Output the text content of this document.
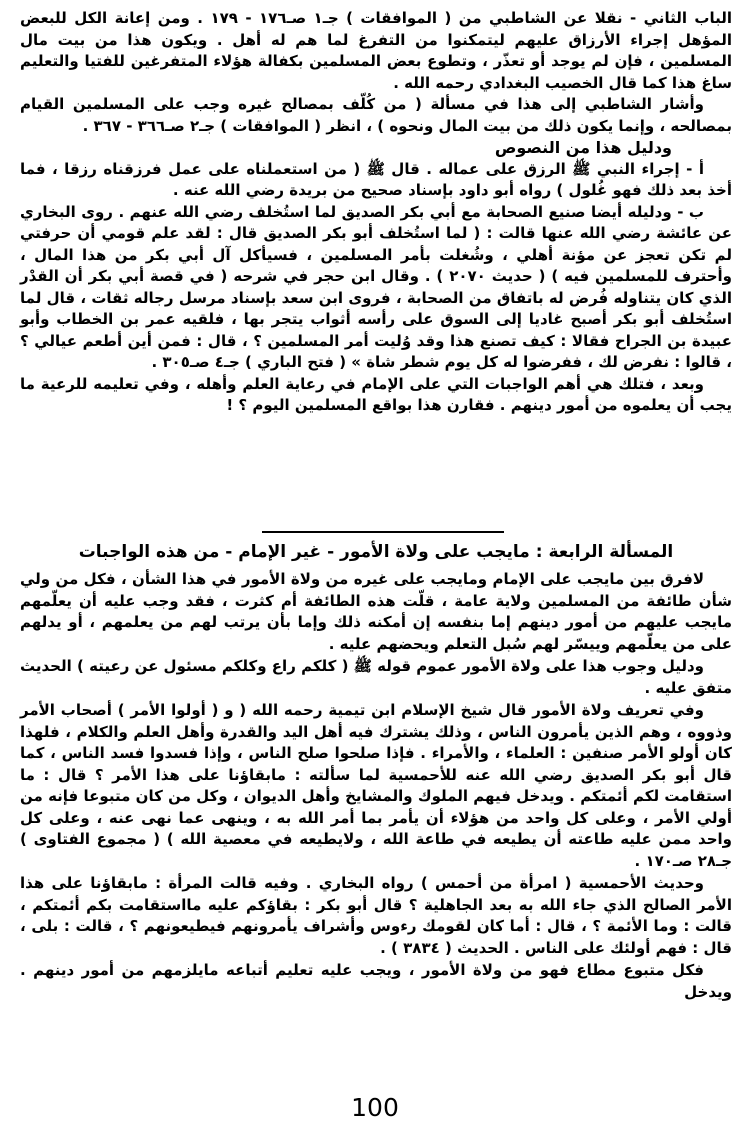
الباب الثاني - نقلا عن الشاطبي من ( الموافقات ) جـ١ صـ١٧٦ - ١٧٩ . ومن إعانة الكل للبعض المؤهل إجراء الأرزاق عليهم ليتمكنوا من التفرغ لما هم له أهل . ويكون هذا من بيت مال المسلمين ، فإن لم يوجد أو تعذّر ، وتطوع بعض المسلمين بكفالة هؤلاء المتفرغين للفتيا والتعليم ساغ هذا كما قال الخصيب البغدادي رحمه الله .

وأشار الشاطبي إلى هذا في مسألة ( من كُلّف بمصالح غيره وجب على المسلمين القيام بمصالحه ، وإنما يكون ذلك من بيت المال ونحوه ) ، انظر ( الموافقات ) جـ٢ صـ٣٦٦ - ٣٦٧ .

ودليل هذا من النصوص

أ - إجراء النبي ﷺ الرزق على عماله . قال ﷺ ( من استعملناه على عمل فرزقناه رزقا ، فما أخذ بعد ذلك فهو غُلول ) رواه أبو داود بإسناد صحيح من بريدة رضي الله عنه .

ب - ودليله أيضا صنيع الصحابة مع أبي بكر الصديق لما استُخلف رضي الله عنهم . روى البخاري عن عائشة رضي الله عنها قالت : ( لما استُخلف أبو بكر الصديق قال : لقد علم قومي أن حرفتي لم تكن تعجز عن مؤنة أهلي ، وشُغلت بأمر المسلمين ، فسيأكل آل أبي بكر من هذا المال ، وأحترف للمسلمين فيه ) ( حديث ٢٠٧٠ ) . وقال ابن حجر في شرحه ( في قصة أبي بكر أن القدْر الذي كان يتناوله فُرض له باتفاق من الصحابة ، فروى ابن سعد بإسناد مرسل رجاله ثقات ، قال لما استُخلف أبو بكر أصبح غاديا إلى السوق على رأسه أثواب يتجر بها ، فلقيه عمر بن الخطاب وأبو عبيدة بن الجراح فقالا : كيف تصنع هذا وقد وُليت أمر المسلمين ؟ ، قال : فمن أين أطعم عيالي ؟ ، قالوا : نفرض لك ، ففرضوا له كل يوم شطر شاة » ( فتح الباري ) جـ٤ صـ٣٠٥ .

وبعد ، فتلك هي أهم الواجبات التي على الإمام في رعاية العلم وأهله ، وفي تعليمه للرعية ما يجب أن يعلموه من أمور دينهم . فقارن هذا بواقع المسلمين اليوم ؟ !

المسألة الرابعة : مايجب على ولاة الأمور - غير الإمام - من هذه الواجبات

لافرق بين مايجب على الإمام ومايجب على غيره من ولاة الأمور في هذا الشأن ، فكل من ولي شأن طائفة من المسلمين ولاية عامة ، قلّت هذه الطائفة أم كثرت ، فقد وجب عليه أن يعلّمهم مايجب عليهم من أمور دينهم إما بنفسه إن أمكنه ذلك وإما بأن يرتب لهم من يعلمهم ، أو يدلهم على من يعلّمهم وييسّر لهم سُبل التعلم ويحضهم عليه .

ودليل وجوب هذا على ولاة الأمور عموم قوله ﷺ ( كلكم راع وكلكم مسئول عن رعيته ) الحديث متفق عليه .

وفي تعريف ولاة الأمور قال شيخ الإسلام ابن تيمية رحمه الله ( و ( أولوا الأمر ) أصحاب الأمر وذووه ، وهم الذين يأمرون الناس ، وذلك يشترك فيه أهل اليد والقدرة وأهل العلم والكلام ، فلهذا كان أولو الأمر صنفين : العلماء ، والأمراء . فإذا صلحوا صلح الناس ، وإذا فسدوا فسد الناس ، كما قال أبو بكر الصديق رضي الله عنه للأحمسية لما سألته : مابقاؤنا على هذا الأمر ؟ قال : ما استقامت لكم أئمتكم . ويدخل فيهم الملوك والمشايخ وأهل الديوان ، وكل من كان متبوعا فإنه من أولي الأمر ، وعلى كل واحد من هؤلاء أن يأمر بما أمر الله به ، وينهى عما نهى عنه ، وعلى كل واحد ممن عليه طاعته أن يطيعه في طاعة الله ، ولايطيعه في معصية الله ) ( مجموع الفتاوى ) جـ٢٨ صـ١٧٠ .

وحديث الأحمسية ( امرأة من أحمس ) رواه البخاري . وفيه قالت المرأة : مابقاؤنا على هذا الأمر الصالح الذي جاء الله به بعد الجاهلية ؟ قال أبو بكر : بقاؤكم عليه مااستقامت بكم أئمتكم ، قالت : وما الأئمة ؟ ، قال : أما كان لقومك رءوس وأشراف يأمرونهم فيطيعونهم ؟ ، قالت : بلى ، قال : فهم أولئك على الناس . الحديث ( ٣٨٣٤ ) .

فكل متبوع مطاع فهو من ولاة الأمور ، ويجب عليه تعليم أتباعه مايلزمهم من أمور دينهم . ويدخل

100
